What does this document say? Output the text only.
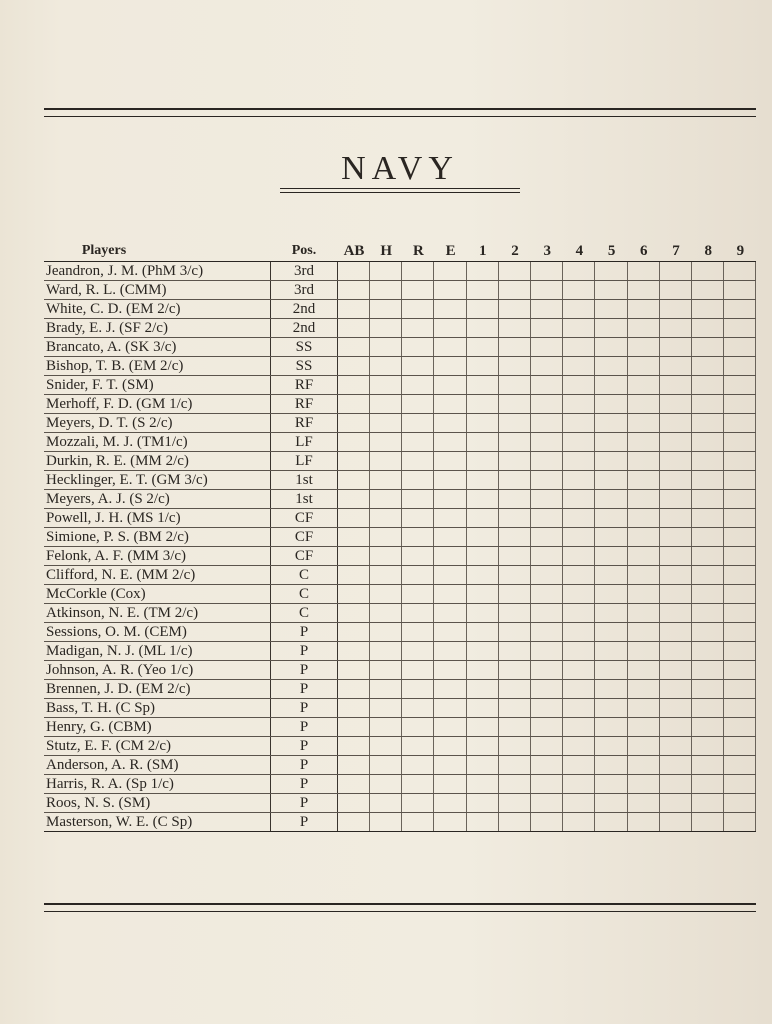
NAVY
Players	Pos.	AB	H	R	E	1	2	3	4	5	6	7	8	9
Jeandron, J. M. (PhM 3/c)	3rd
Ward, R. L. (CMM)	3rd
White, C. D. (EM 2/c)	2nd
Brady, E. J. (SF 2/c)	2nd
Brancato, A. (SK 3/c)	SS
Bishop, T. B. (EM 2/c)	SS
Snider, F. T. (SM)	RF
Merhoff, F. D. (GM 1/c)	RF
Meyers, D. T. (S 2/c)	RF
Mozzali, M. J. (TM1/c)	LF
Durkin, R. E. (MM 2/c)	LF
Hecklinger, E. T. (GM 3/c)	1st
Meyers, A. J. (S 2/c)	1st
Powell, J. H. (MS 1/c)	CF
Simione, P. S. (BM 2/c)	CF
Felonk, A. F. (MM 3/c)	CF
Clifford, N. E. (MM 2/c)	C
McCorkle (Cox)	C
Atkinson, N. E. (TM 2/c)	C
Sessions, O. M. (CEM)	P
Madigan, N. J. (ML 1/c)	P
Johnson, A. R. (Yeo 1/c)	P
Brennen, J. D. (EM 2/c)	P
Bass, T. H. (C Sp)	P
Henry, G. (CBM)	P
Stutz, E. F. (CM 2/c)	P
Anderson, A. R. (SM)	P
Harris, R. A. (Sp 1/c)	P
Roos, N. S. (SM)	P
Masterson, W. E. (C Sp)	P
